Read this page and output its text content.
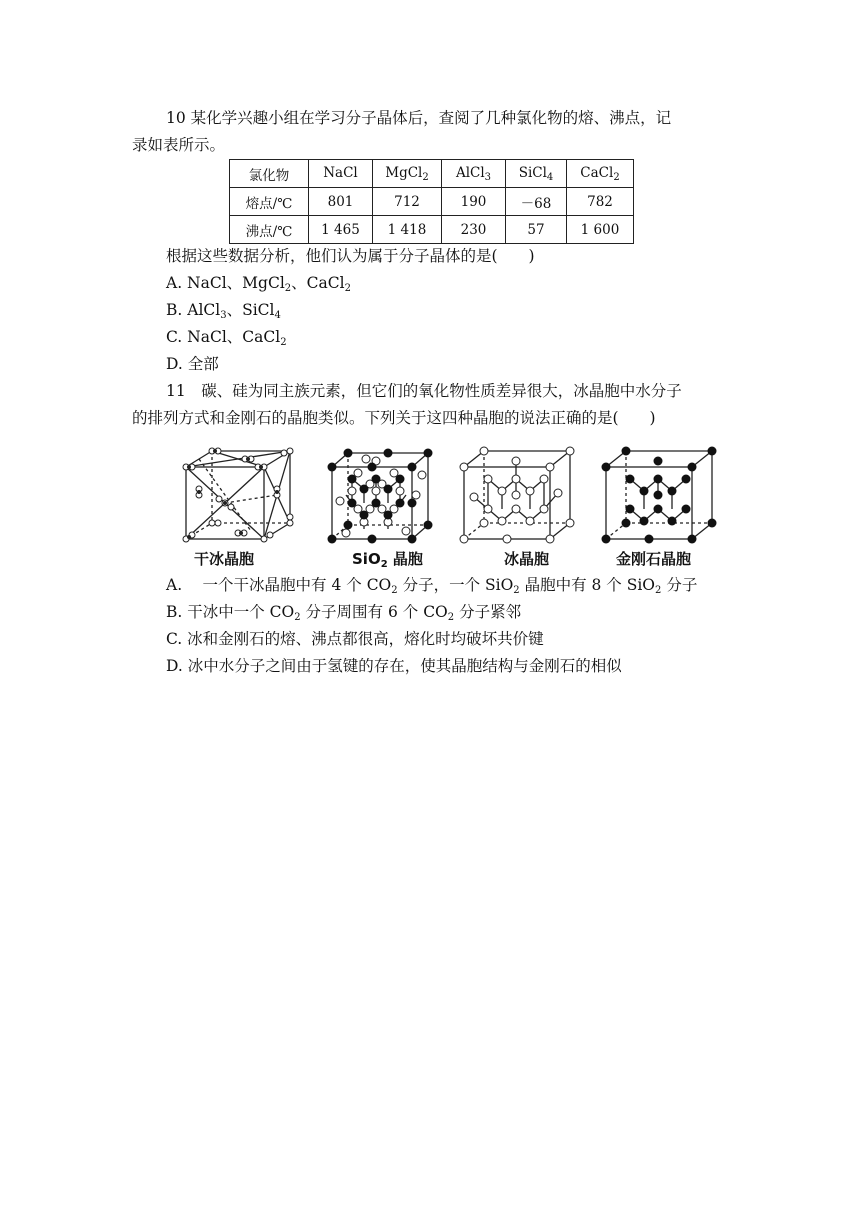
10 某化学兴趣小组在学习分子晶体后，查阅了几种氯化物的熔、沸点，记
录如表所示。
氯化物	NaCl	MgCl$_2$	AlCl$_3$	SiCl$_4$	CaCl$_2$
熔点/℃	801	712	190	－68	782
沸点/℃	1 465	1 418	230	57	1 600
根据这些数据分析，他们认为属于分子晶体的是(　　)
A. NaCl、MgCl$_2$、CaCl$_2$
B. AlCl$_3$、SiCl$_4$
C. NaCl、CaCl$_2$
D. 全部
11　碳、硅为同主族元素，但它们的氧化物性质差异很大，冰晶胞中水分子
的排列方式和金刚石的晶胞类似。下列关于这四种晶胞的说法正确的是(　　)
干冰晶胞	SiO$_2$ 晶胞	冰晶胞	金刚石晶胞
A.　 一个干冰晶胞中有 4 个 $CO_2$ 分子，一个 SiO$_2$ 晶胞中有 8 个 SiO$_2$ 分子
B. 干冰中一个 $CO_2$ 分子周围有 6 个 $CO_2$ 分子紧邻
C. 冰和金刚石的熔、沸点都很高，熔化时均破坏共价键
D. 冰中水分子之间由于氢键的存在，使其晶胞结构与金刚石的相似
